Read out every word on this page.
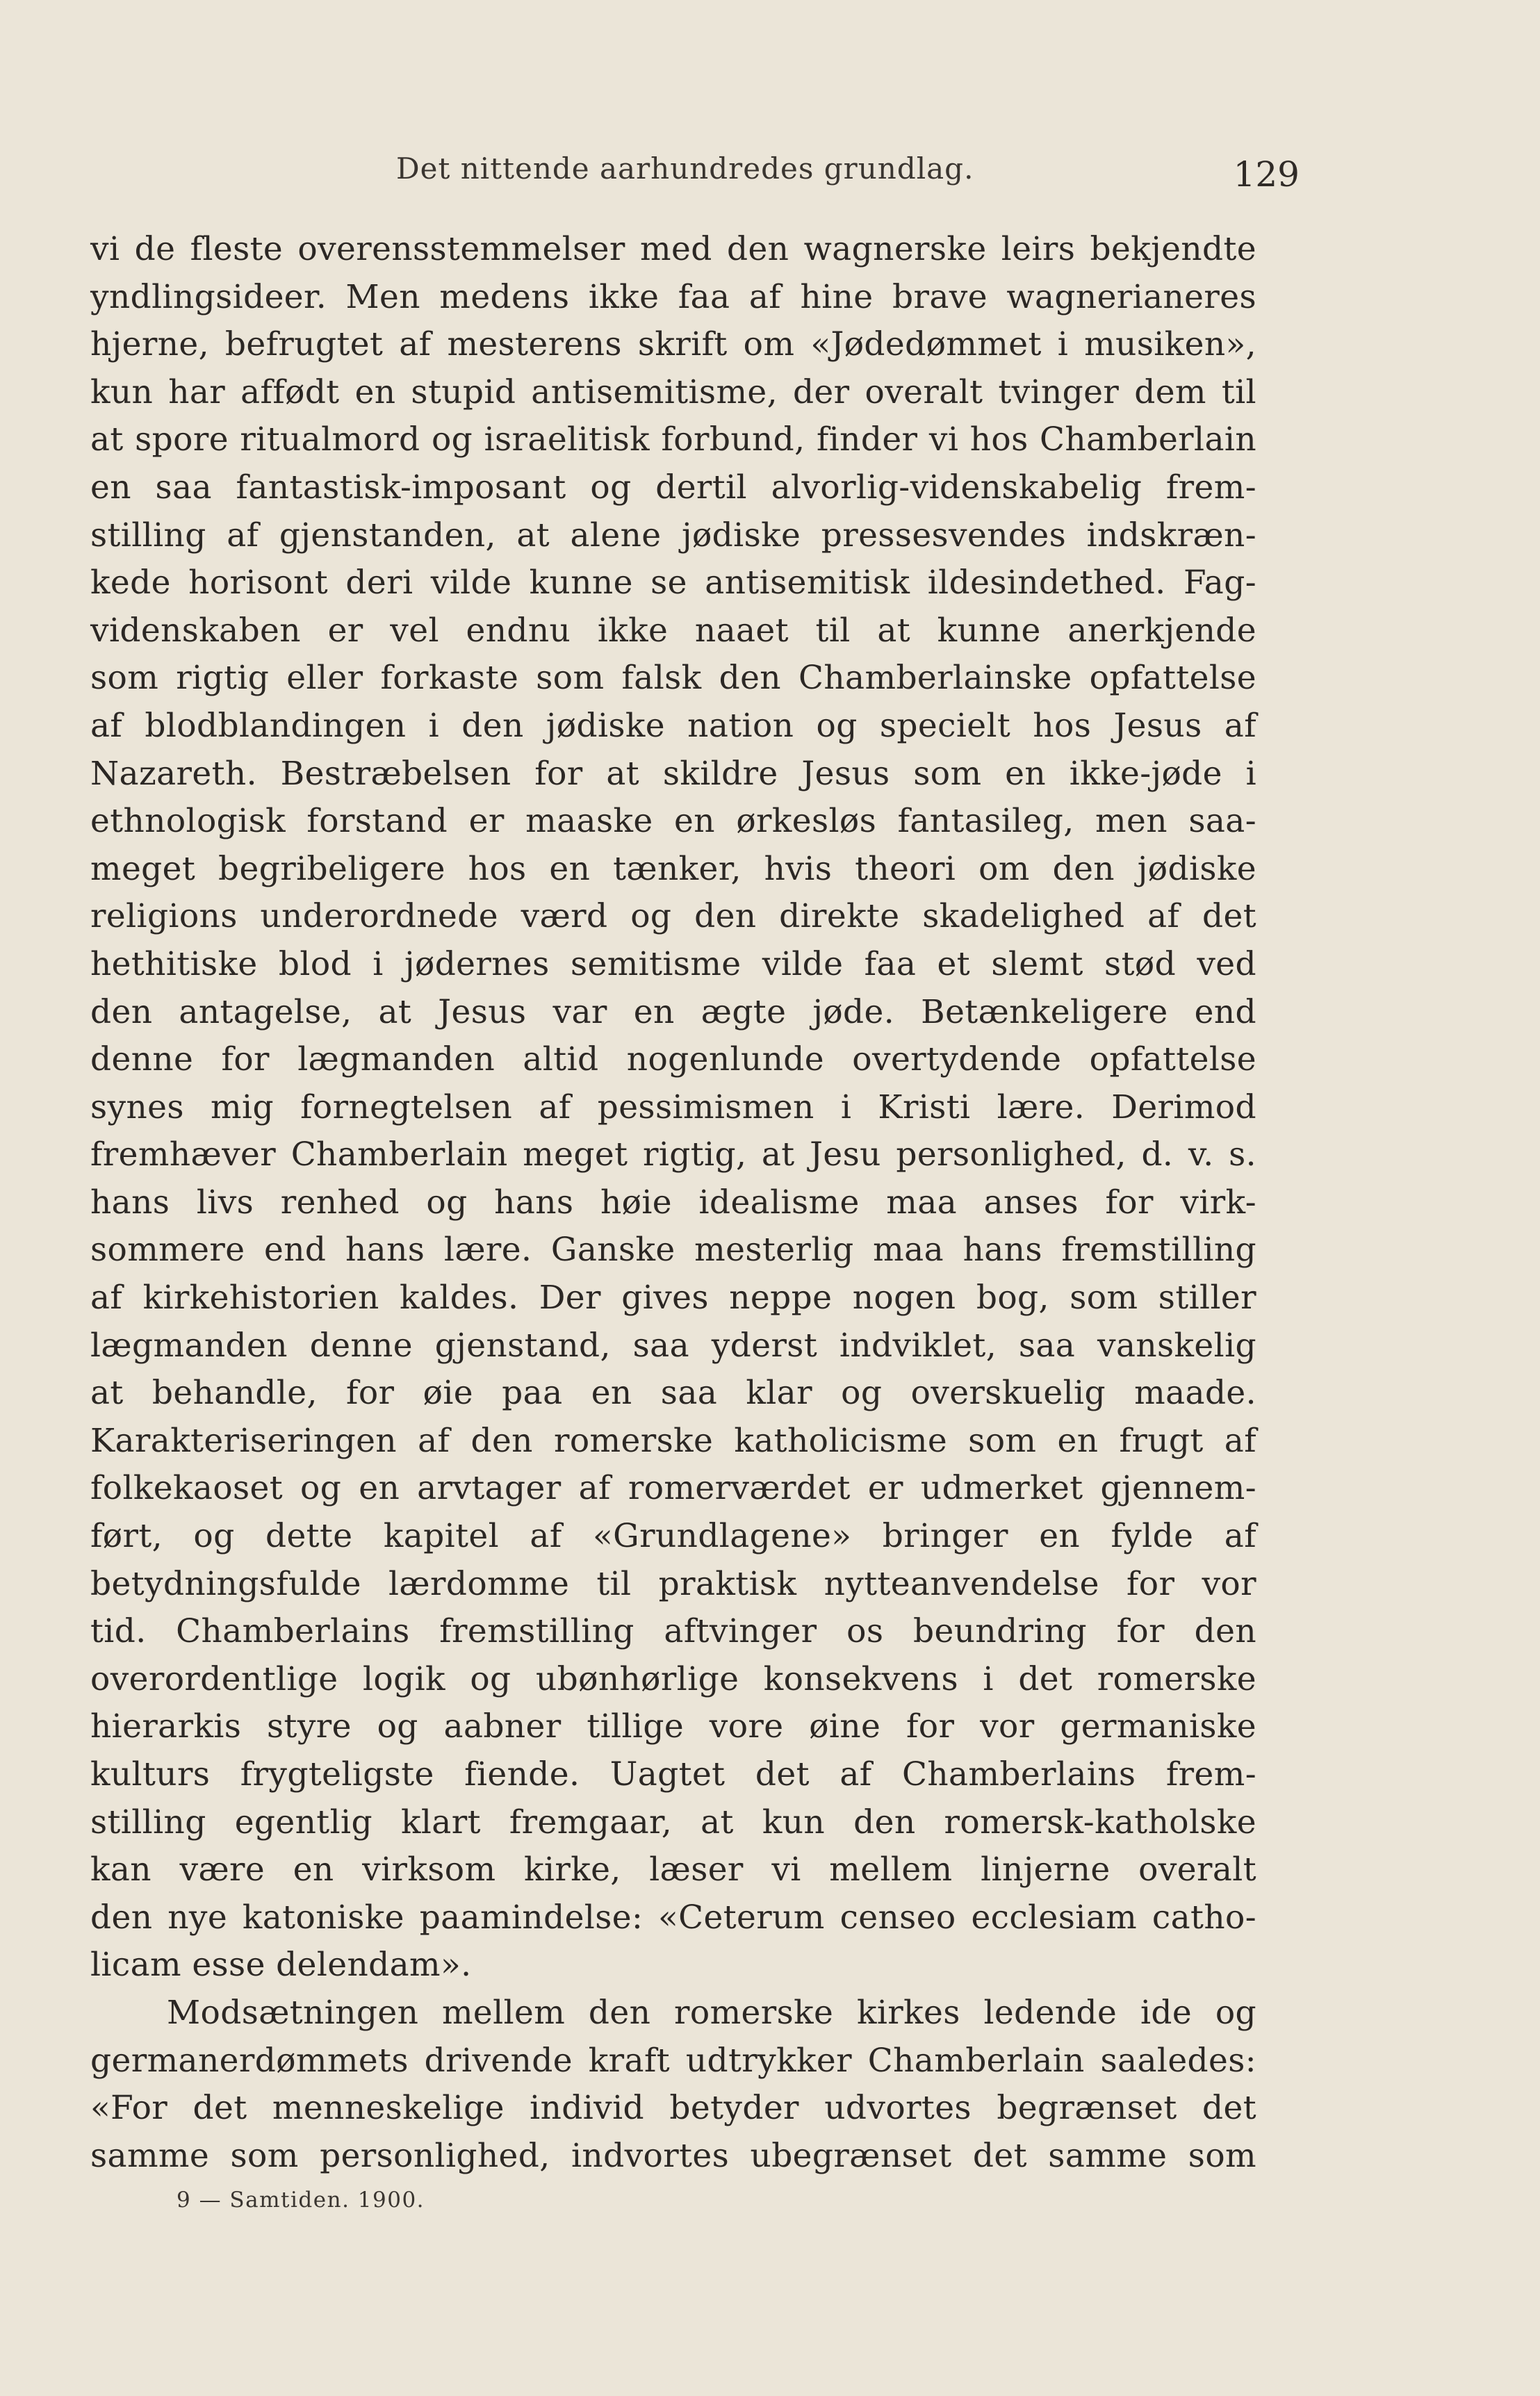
Det nittende aarhundredes grundlag.	129
vi de fleste overensstemmelser med den wagnerske leirs bekjendte
yndlingsideer. Men medens ikke faa af hine brave wagnerianeres
hjerne, befrugtet af mesterens skrift om «Jødedømmet i musiken»,
kun har affødt en stupid antisemitisme, der overalt tvinger dem til
at spore ritualmord og israelitisk forbund, finder vi hos Chamberlain
en saa fantastisk-imposant og dertil alvorlig-videnskabelig frem-
stilling af gjenstanden, at alene jødiske pressesvendes indskræn-
kede horisont deri vilde kunne se antisemitisk ildesindethed. Fag-
videnskaben er vel endnu ikke naaet til at kunne anerkjende
som rigtig eller forkaste som falsk den Chamberlainske opfattelse
af blodblandingen i den jødiske nation og specielt hos Jesus af
Nazareth. Bestræbelsen for at skildre Jesus som en ikke-jøde i
ethnologisk forstand er maaske en ørkesløs fantasileg, men saa-
meget begribeligere hos en tænker, hvis theori om den jødiske
religions underordnede værd og den direkte skadelighed af det
hethitiske blod i jødernes semitisme vilde faa et slemt stød ved
den antagelse, at Jesus var en ægte jøde. Betænkeligere end
denne for lægmanden altid nogenlunde overtydende opfattelse
synes mig fornegtelsen af pessimismen i Kristi lære. Derimod
fremhæver Chamberlain meget rigtig, at Jesu personlighed, d. v. s.
hans livs renhed og hans høie idealisme maa anses for virk-
sommere end hans lære. Ganske mesterlig maa hans fremstilling
af kirkehistorien kaldes. Der gives neppe nogen bog, som stiller
lægmanden denne gjenstand, saa yderst indviklet, saa vanskelig
at behandle, for øie paa en saa klar og overskuelig maade.
Karakteriseringen af den romerske katholicisme som en frugt af
folkekaoset og en arvtager af romerværdet er udmerket gjennem-
ført, og dette kapitel af «Grundlagene» bringer en fylde af
betydningsfulde lærdomme til praktisk nytteanvendelse for vor
tid. Chamberlains fremstilling aftvinger os beundring for den
overordentlige logik og ubønhørlige konsekvens i det romerske
hierarkis styre og aabner tillige vore øine for vor germaniske
kulturs frygteligste fiende. Uagtet det af Chamberlains frem-
stilling egentlig klart fremgaar, at kun den romersk-katholske
kan være en virksom kirke, læser vi mellem linjerne overalt
den nye katoniske paamindelse: «Ceterum censeo ecclesiam catho-
licam esse delendam».
Modsætningen mellem den romerske kirkes ledende ide og
germanerdømmets drivende kraft udtrykker Chamberlain saaledes:
«For det menneskelige individ betyder udvortes begrænset det
samme som personlighed, indvortes ubegrænset det samme som
9 — Samtiden. 1900.
